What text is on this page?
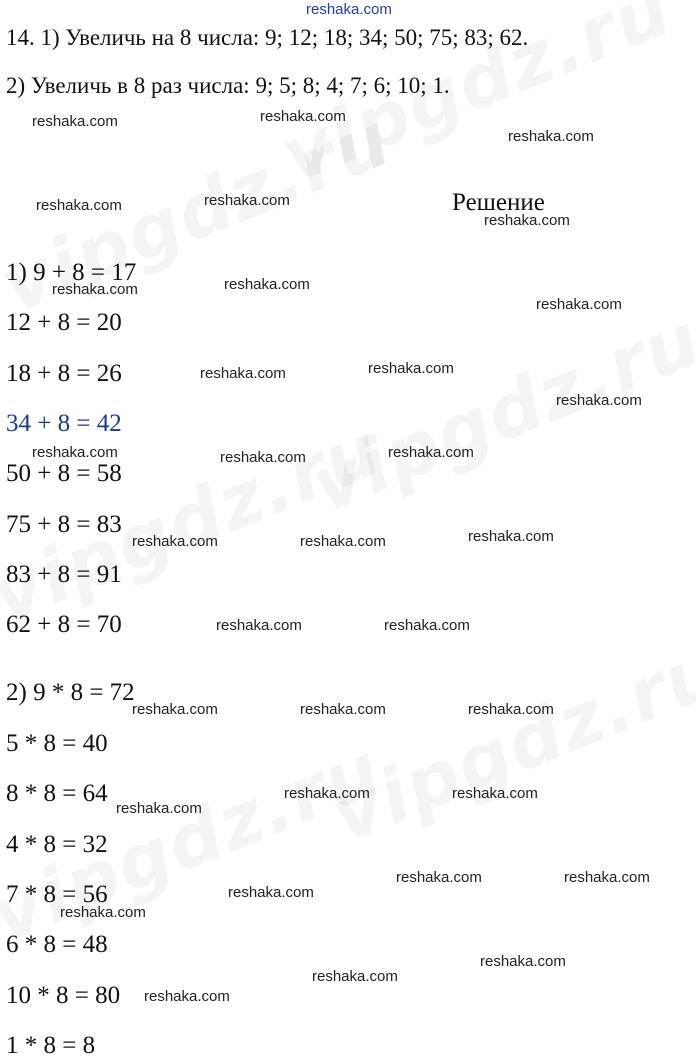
reshaka.com
14. 1) Увеличь на 8 числа: 9; 12; 18; 34; 50; 75; 83; 62.
2) Увеличь в 8 раз числа: 9; 5; 8; 4; 7; 6; 10; 1.
Решение
1) 9 + 8 = 17
12 + 8 = 20
18 + 8 = 26
34 + 8 = 42
50 + 8 = 58
75 + 8 = 83
83 + 8 = 91
62 + 8 = 70
2) 9 * 8 = 72
5 * 8 = 40
8 * 8 = 64
4 * 8 = 32
7 * 8 = 56
6 * 8 = 48
10 * 8 = 80
1 * 8 = 8
reshaka.com	reshaka.com
reshaka.com
reshaka.com	reshaka.com
reshaka.com
reshaka.com	reshaka.com
reshaka.com
reshaka.com	reshaka.com
reshaka.com
reshaka.com	reshaka.com	reshaka.com
reshaka.com	reshaka.com	reshaka.com
reshaka.com	reshaka.com
reshaka.com	reshaka.com	reshaka.com
reshaka.com	reshaka.com
reshaka.com
reshaka.com	reshaka.com
reshaka.com
reshaka.com
reshaka.com
reshaka.com
reshaka.com
